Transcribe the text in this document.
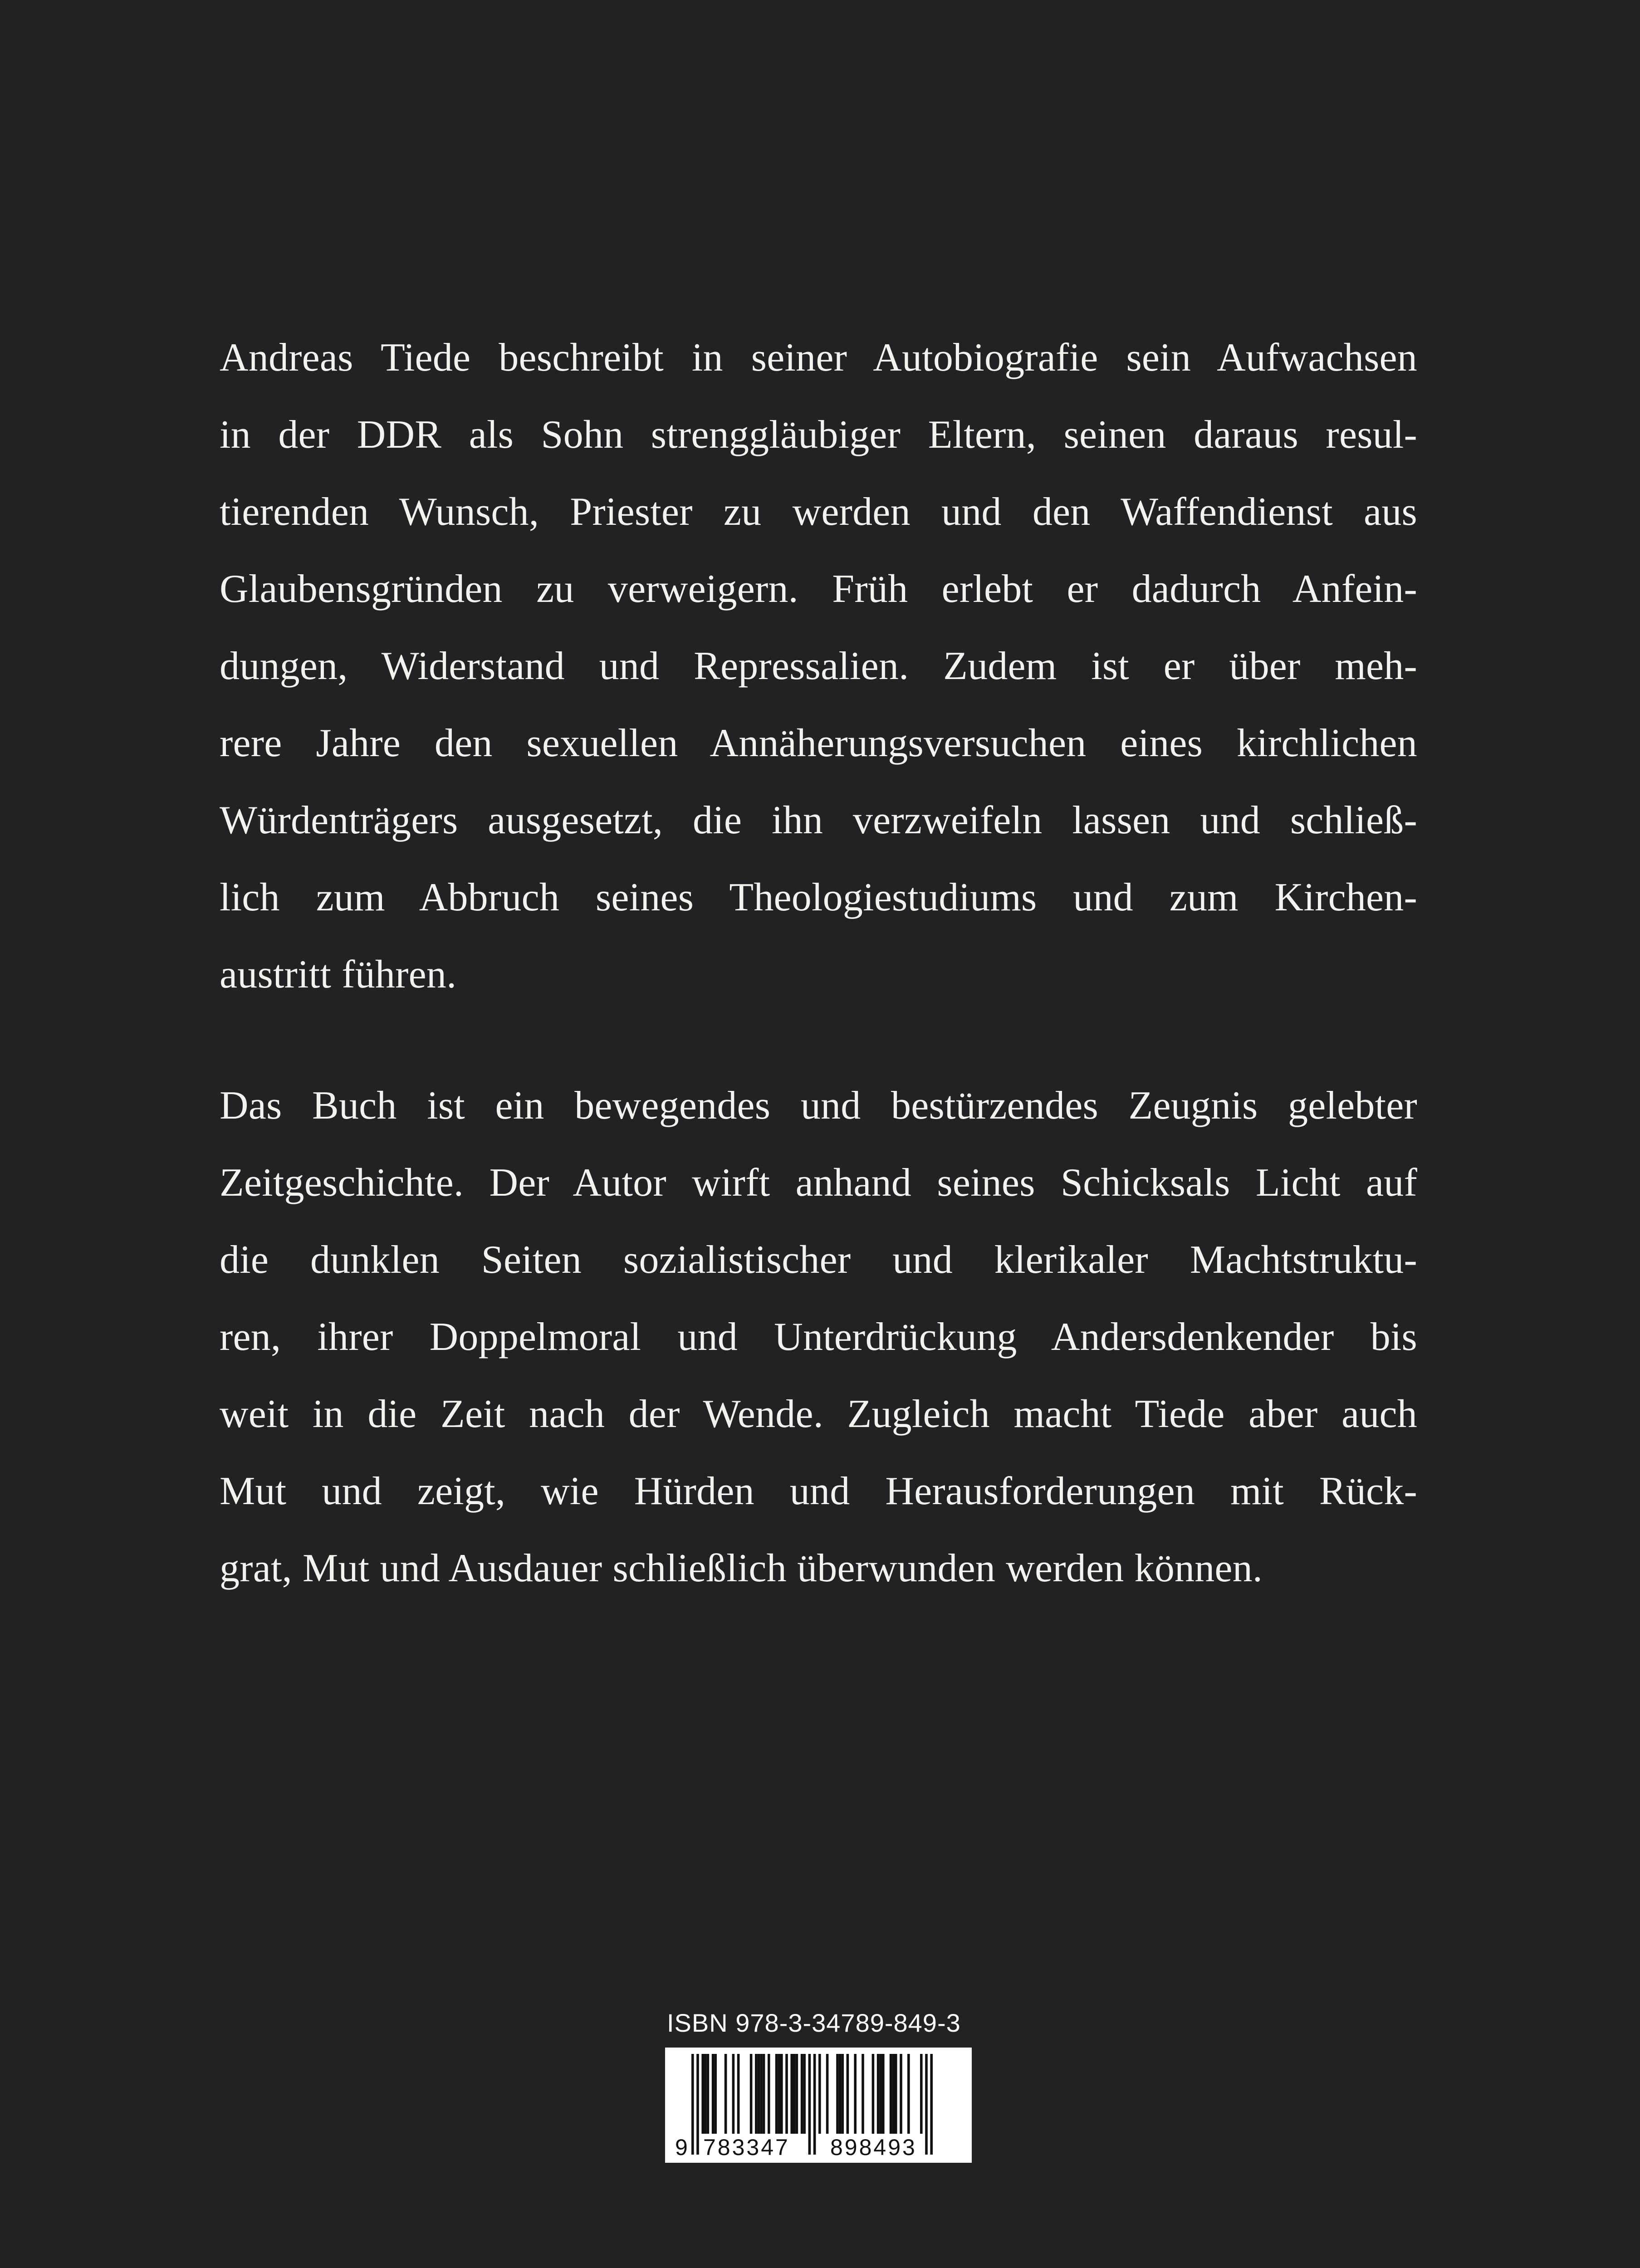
Andreas Tiede beschreibt in seiner Autobiografie sein Aufwachsen
in der DDR als Sohn strenggläubiger Eltern, seinen daraus resul-
tierenden Wunsch, Priester zu werden und den Waffendienst aus
Glaubensgründen zu verweigern. Früh erlebt er dadurch Anfein-
dungen, Widerstand und Repressalien. Zudem ist er über meh-
rere Jahre den sexuellen Annäherungsversuchen eines kirchlichen
Würdenträgers ausgesetzt, die ihn verzweifeln lassen und schließ-
lich zum Abbruch seines Theologiestudiums und zum Kirchen-
austritt führen.
Das Buch ist ein bewegendes und bestürzendes Zeugnis gelebter
Zeitgeschichte. Der Autor wirft anhand seines Schicksals Licht auf
die dunklen Seiten sozialistischer und klerikaler Machtstruktu-
ren, ihrer Doppelmoral und Unterdrückung Andersdenkender bis
weit in die Zeit nach der Wende. Zugleich macht Tiede aber auch
Mut und zeigt, wie Hürden und Herausforderungen mit Rück-
grat, Mut und Ausdauer schließlich überwunden werden können.
ISBN 978-3-34789-849-3
9 783347 898493
